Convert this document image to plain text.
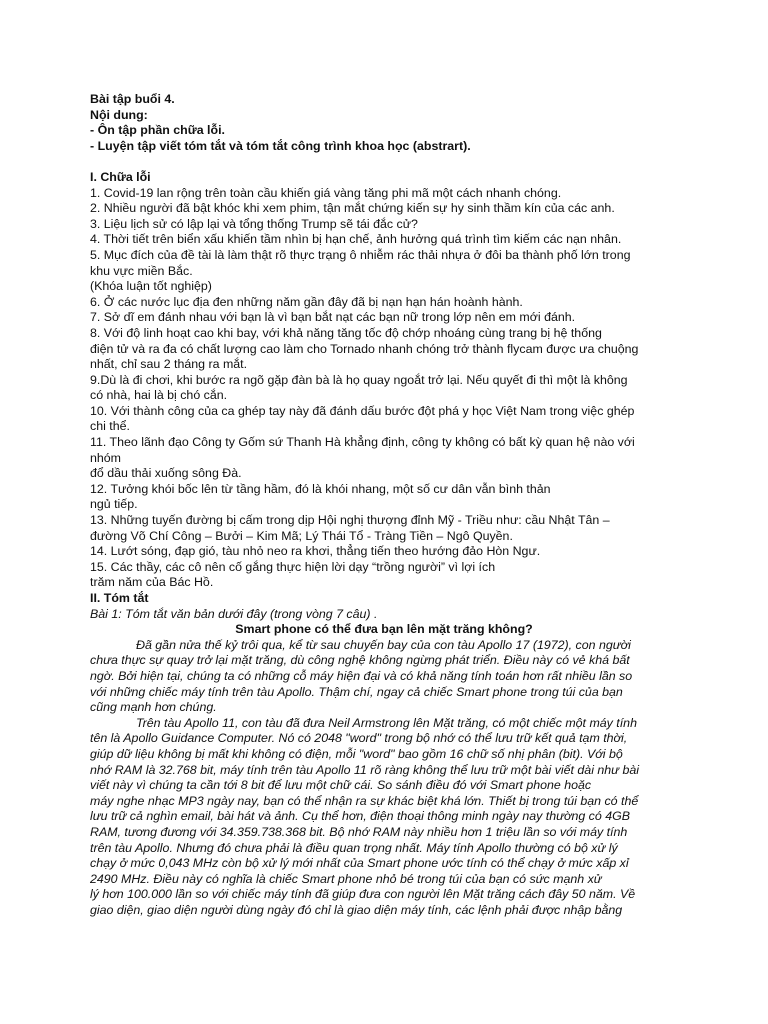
Bài tập buổi 4.

Nội dung:

- Ôn tập phần chữa lỗi.

- Luyện tập viết tóm tắt và tóm tắt công trình khoa học (abstrart).

I. Chữa lỗi

1. Covid-19 lan rộng trên toàn cầu khiến giá vàng tăng phi mã một cách nhanh chóng.

2. Nhiều người đã bật khóc khi xem phim, tận mắt chứng kiến sự hy sinh thầm kín của các anh.

3. Liệu lịch sử có lập lại và tổng thống Trump sẽ tái đắc cử?

4. Thời tiết trên biển xấu khiến tầm nhìn bị hạn chế, ảnh hưởng quá trình tìm kiếm các nạn nhân.

5. Mục đích của đề tài là làm thật rõ thực trạng ô nhiễm rác thải nhựa ở đôi ba thành phố lớn trong

khu vực miền Bắc.

(Khóa luận tốt nghiệp)

6. Ở các nước lục địa đen những năm gần đây đã bị nạn hạn hán hoành hành.

7. Sở dĩ em đánh nhau với bạn là vì bạn bắt nạt các bạn nữ trong lớp nên em mới đánh.

8. Với độ linh hoạt cao khi bay, với khả năng tăng tốc độ chớp nhoáng cùng trang bị hệ thống

điện tử và ra đa có chất lượng cao làm cho Tornado nhanh chóng trở thành flycam được ưa chuộng

nhất, chỉ sau 2 tháng ra mắt.

9.Dù là đi chơi, khi bước ra ngõ gặp đàn bà là họ quay ngoắt trở lại. Nếu quyết đi thì một là không

có nhà, hai là bị chó cắn.

10. Với thành công của ca ghép tay này đã đánh dấu bước đột phá y học Việt Nam trong việc ghép

chi thể.

11. Theo lãnh đạo Công ty Gốm sứ Thanh Hà khẳng định, công ty không có bất kỳ quan hệ nào với

nhóm

đổ dầu thải xuống sông Đà.

12. Tưởng khói bốc lên từ tầng hầm, đó là khói nhang, một số cư dân vẫn bình thản

ngủ tiếp.

13. Những tuyến đường bị cấm trong dịp Hội nghị thượng đỉnh Mỹ - Triều như: cầu Nhật Tân –

đường Võ Chí Công – Bưởi – Kim Mã; Lý Thái Tổ - Tràng Tiền – Ngô Quyền.

14. Lướt sóng, đạp gió, tàu nhỏ neo ra khơi, thẳng tiến theo hướng đảo Hòn Ngư.

15. Các thầy, các cô nên cố gắng thực hiện lời dạy “trồng người” vì lợi ích

trăm năm của Bác Hồ.

II. Tóm tắt

Bài 1: Tóm tắt văn bản dưới đây (trong vòng 7 câu) .

Smart phone có thể đưa bạn lên mặt trăng không?

Đã gần nửa thế kỷ trôi qua, kể từ sau chuyến bay của con tàu Apollo 17 (1972), con người

chưa thực sự quay trở lại mặt trăng, dù công nghệ không ngừng phát triển. Điều này có vẻ khá bất

ngờ. Bởi hiện tại, chúng ta có những cỗ máy hiện đại và có khả năng tính toán hơn rất nhiều lần so

với những chiếc máy tính trên tàu Apollo. Thậm chí, ngay cả chiếc Smart phone trong túi của bạn

cũng mạnh hơn chúng.

Trên tàu Apollo 11, con tàu đã đưa Neil Armstrong lên Mặt trăng, có một chiếc một máy tính

tên là Apollo Guidance Computer. Nó có 2048 "word" trong bộ nhớ có thể lưu trữ kết quả tạm thời,

giúp dữ liệu không bị mất khi không có điện, mỗi "word" bao gồm 16 chữ số nhị phân (bit). Với bộ

nhớ RAM là 32.768 bit, máy tính trên tàu Apollo 11 rõ ràng không thể lưu trữ một bài viết dài như bài

viết này vì chúng ta cần tới 8 bit để lưu một chữ cái. So sánh điều đó với Smart phone hoặc

máy nghe nhạc MP3 ngày nay, bạn có thể nhận ra sự khác biệt khá lớn. Thiết bị trong túi bạn có thể

lưu trữ cả nghìn email, bài hát và ảnh. Cụ thể hơn, điện thoại thông minh ngày nay thường có 4GB

RAM, tương đương với 34.359.738.368 bit. Bộ nhớ RAM này nhiều hơn 1 triệu lần so với máy tính

trên tàu Apollo. Nhưng đó chưa phải là điều quan trọng nhất. Máy tính Apollo thường có bộ xử lý

chạy ở mức 0,043 MHz còn bộ xử lý mới nhất của Smart phone ước tính có thể chạy ở mức xấp xỉ

2490 MHz. Điều này có nghĩa là chiếc Smart phone nhỏ bé trong túi của bạn có sức mạnh xử

lý hơn 100.000 lần so với chiếc máy tính đã giúp đưa con người lên Mặt trăng cách đây 50 năm. Về

giao diện, giao diện người dùng ngày đó chỉ là giao diện máy tính, các lệnh phải được nhập bằng
